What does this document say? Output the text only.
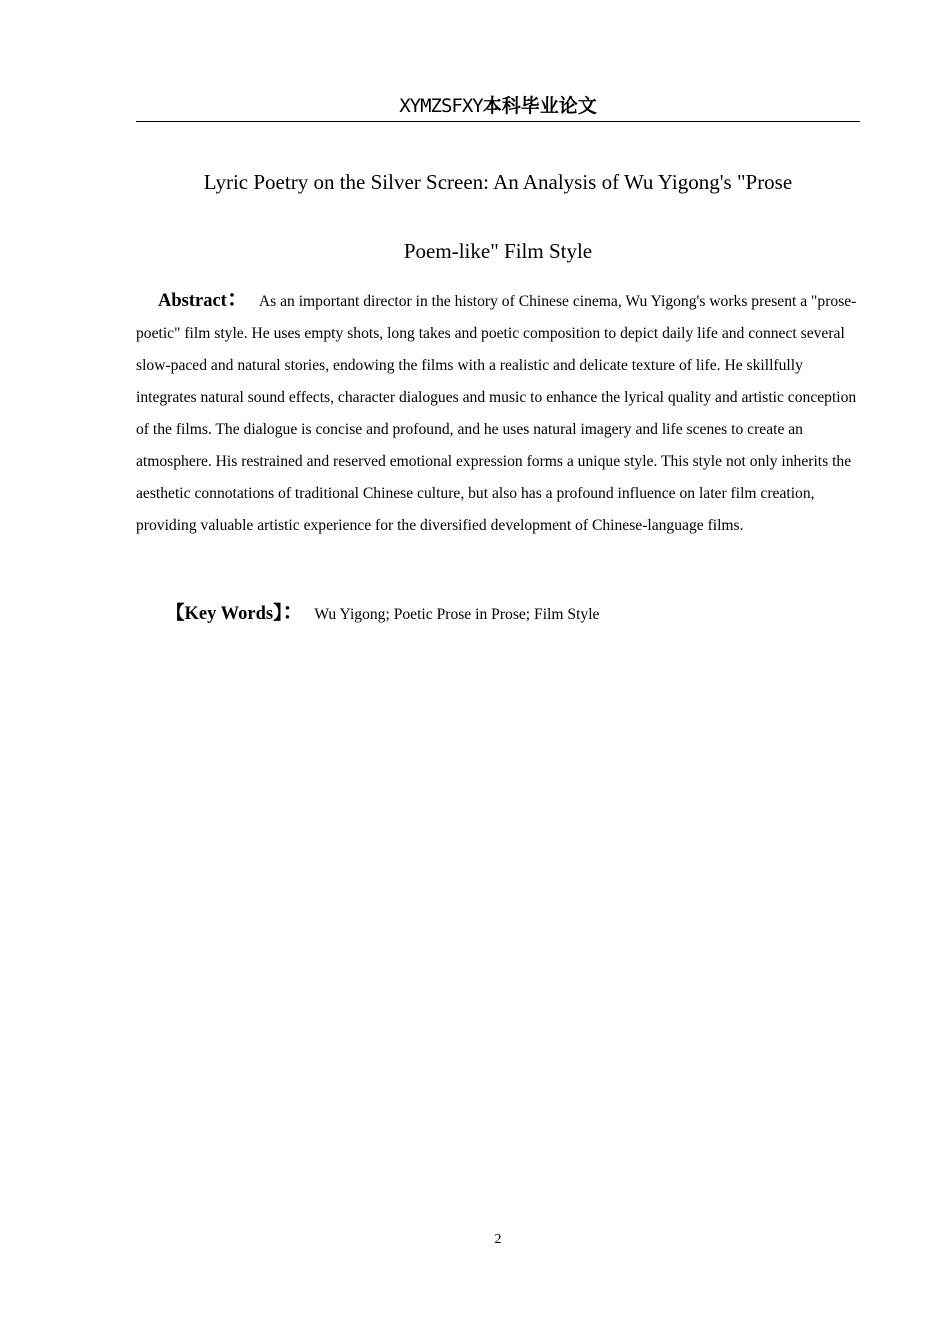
XYMZSFXY本科毕业论文
Lyric Poetry on the Silver Screen: An Analysis of Wu Yigong's "Prose
Poem-like" Film Style

Abstract： As an important director in the history of Chinese cinema, Wu Yigong's works present a "prose-poetic" film style. He uses empty shots, long takes and poetic composition to depict daily life and connect several slow-paced and natural stories, endowing the films with a realistic and delicate texture of life. He skillfully integrates natural sound effects, character dialogues and music to enhance the lyrical quality and artistic conception of the films. The dialogue is concise and profound, and he uses natural imagery and life scenes to create an atmosphere. His restrained and reserved emotional expression forms a unique style. This style not only inherits the aesthetic connotations of traditional Chinese culture, but also has a profound influence on later film creation, providing valuable artistic experience for the diversified development of Chinese-language films.

【Key Words】： Wu Yigong; Poetic Prose in Prose; Film Style

2
